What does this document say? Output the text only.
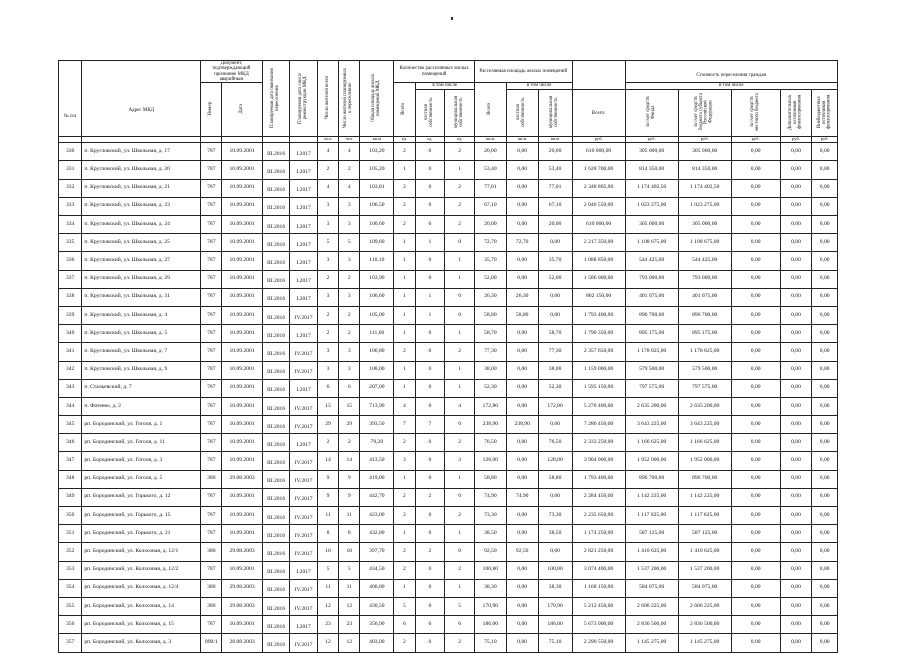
№ п/а	Адрес МКД	Документ, подтверждающий признание МКД аварийным		Планируемая дата окончания переселения	Планируемая дата сноса/ реконструкции МКД	Число жителей всего	Число жителей планируемых к переселению	Общая площадь жилых помещений МКД	Количество расселяемых жилых помещений			Расселяемая площадь жилых помещений				Стоимость переселения граждан				
		Номер	Дата						Всего	в том числе		Всего	в том числе			в том числе				
										частная собственность	муниципальная собственность		частная собственность	муниципальная собственность	Всего:	за счет средств Фонда	за счет средств бюджета субъекта Российской Федерации	за счет средств местного бюджета	Дополнительных источников финансирования	Внебюджетных источников финансирования
						чел.	чел.	кв.м	ед.	ед.	ед.	кв.м	кв.м	кв.м	руб.	руб.	руб.	руб.	руб.	руб.
330	п. Кругловский, ул. Школьная, д. 17	787	10.09.2001	III.2016	I.2017	4	4	103,20	2	0	2	20,00	0,00	20,00	610 000,00	305 000,00	305 000,00	0,00	0,00	0,00
331	п. Кругловский, ул. Школьная, д. 20	787	10.09.2001	III.2016	I.2017	2	2	105,20	1	0	1	53,40	0,00	53,40	1 628 700,00	814 350,00	814 350,00	0,00	0,00	0,00
332	п. Кругловский, ул. Школьная, д. 21	787	10.09.2001	III.2016	I.2017	4	4	103,81	2	0	2	77,01	0,00	77,01	2 348 805,00	1 174 402,50	1 174 402,50	0,00	0,00	0,00
333	п. Кругловский, ул. Школьная, д. 23	787	10.09.2001	III.2016	I.2017	3	3	106,50	2	0	2	67,10	0,00	67,10	2 046 550,00	1 023 275,00	1 023 275,00	0,00	0,00	0,00
334	п. Кругловский, ул. Школьная, д. 24	787	10.09.2001	III.2016	I.2017	3	3	100,60	2	0	2	20,00	0,00	20,00	610 000,00	305 000,00	305 000,00	0,00	0,00	0,00
335	п. Кругловский, ул. Школьная, д. 25	787	10.09.2001	III.2016	I.2017	5	5	109,60	1	1	0	72,70	72,70	0,00	2 217 350,00	1 108 675,00	1 108 675,00	0,00	0,00	0,00
336	п. Кругловский, ул. Школьная, д. 27	787	10.09.2001	III.2016	I.2017	3	3	110,10	1	0	1	35,70	0,00	35,70	1 088 850,00	544 425,00	544 425,00	0,00	0,00	0,00
337	п. Кругловский, ул. Школьная, д. 29	787	10.09.2001	III.2016	I.2017	2	2	103,90	1	0	1	52,00	0,00	52,00	1 586 000,00	793 000,00	793 000,00	0,00	0,00	0,00
338	п. Кругловский, ул. Школьная, д. 31	787	10.09.2001	III.2016	I.2017	3	3	106,60	1	1	0	26,30	26,30	0,00	802 150,00	401 075,00	401 075,00	0,00	0,00	0,00
339	п. Кругловский, ул. Школьная, д. 4	787	10.09.2001	III.2016	IV.2017	2	2	105,00	1	1	0	58,80	58,80	0,00	1 793 400,00	896 700,00	896 700,00	0,00	0,00	0,00
340	п. Кругловский, ул. Школьная, д. 5	787	10.09.2001	III.2016	I.2017	2	2	111,60	1	0	1	58,70	0,00	58,70	1 790 350,00	895 175,00	895 175,00	0,00	0,00	0,00
341	п. Кругловский, ул. Школьная, д. 7	787	10.09.2001	III.2016	IV.2017	3	3	106,80	2	0	2	77,30	0,00	77,30	2 357 650,00	1 178 825,00	1 178 825,00	0,00	0,00	0,00
342	п. Кругловский, ул. Школьная, д. 9	787	10.09.2001	III.2016	IV.2017	3	3	108,00	1	0	1	38,00	0,00	38,00	1 159 000,00	579 500,00	579 500,00	0,00	0,00	0,00
343	п. Стальевский, д. 7	787	10.09.2001	III.2016	I.2017	6	6	207,00	1	0	1	52,30	0,00	52,30	1 595 150,00	797 575,00	797 575,00	0,00	0,00	0,00
344	п. Фатеево, д. 2	787	10.09.2001	III.2016	IV.2017	15	15	713,90	4	0	4	172,80	0,00	172,80	5 270 400,00	2 635 200,00	2 635 200,00	0,00	0,00	0,00
345	рп. Бородинский, ул. Гоголя, д. 1	787	10.09.2001	III.2016	IV.2017	29	29	393,50	7	7	0	238,90	238,90	0,00	7 286 450,00	3 643 225,00	3 643 225,00	0,00	0,00	0,00
346	рп. Бородинский, ул. Гоголя, д. 11	787	10.09.2001	III.2016	I.2017	2	2	79,20	2	0	2	76,50	0,00	76,50	2 333 250,00	1 166 625,00	1 166 625,00	0,00	0,00	0,00
347	рп. Бородинский, ул. Гоголя, д. 3	787	10.09.2001	III.2016	IV.2017	14	14	413,50	3	0	3	128,00	0,00	128,00	3 904 000,00	1 952 000,00	1 952 000,00	0,00	0,00	0,00
348	рп. Бородинский, ул. Гоголя, д. 5	380	29.08.2003	III.2016	IV.2017	9	9	419,00	1	0	1	58,80	0,00	58,80	1 793 400,00	896 700,00	896 700,00	0,00	0,00	0,00
349	рп. Бородинский, ул. Горького, д. 12	787	10.09.2001	III.2016	IV.2017	9	9	442,70	2	2	0	74,90	74,90	0,00	2 284 450,00	1 142 225,00	1 142 225,00	0,00	0,00	0,00
350	рп. Бородинский, ул. Горького, д. 15	787	10.09.2001	III.2016	IV.2017	11	11	423,00	2	0	2	73,30	0,00	73,30	2 235 650,00	1 117 825,00	1 117 825,00	0,00	0,00	0,00
351	рп. Бородинский, ул. Горького, д. 21	787	10.09.2001	III.2016	IV.2017	8	8	432,80	1	0	1	38,50	0,00	38,50	1 174 250,00	587 125,00	587 125,00	0,00	0,00	0,00
352	рп. Бородинский, ул. Колхозная, д. 12/1	380	29.08.2003	III.2016	IV.2017	10	10	397,70	2	2	0	92,50	92,50	0,00	2 821 250,00	1 410 625,00	1 410 625,00	0,00	0,00	0,00
353	рп. Бородинский, ул. Колхозная, д. 12/2	787	10.09.2001	III.2016	I.2017	5	5	434,50	2	0	2	100,80	0,00	100,80	3 074 400,00	1 537 200,00	1 537 200,00	0,00	0,00	0,00
354	рп. Бородинский, ул. Колхозная, д. 12/4	380	29.08.2003	III.2016	IV.2017	11	11	400,80	1	0	1	38,30	0,00	38,30	1 168 150,00	584 075,00	584 075,00	0,00	0,00	0,00
355	рп. Бородинский, ул. Колхозная, д. 14	380	29.08.2003	III.2016	IV.2017	12	12	430,50	5	0	5	170,90	0,00	170,90	5 212 450,00	2 606 225,00	2 606 225,00	0,00	0,00	0,00
356	рп. Бородинский, ул. Колхозная, д. 15	787	10.09.2001	III.2016	I.2017	23	23	356,90	6	0	6	186,00	0,00	186,00	5 673 000,00	2 836 500,00	2 836 500,00	0,00	0,00	0,00
357	рп. Бородинский, ул. Колхозная, д. 3	890/1	28.08.2003	III.2016	IV.2017	12	12	403,00	2	0	2	75,10	0,00	75,10	2 290 550,00	1 145 275,00	1 145 275,00	0,00	0,00	0,00
